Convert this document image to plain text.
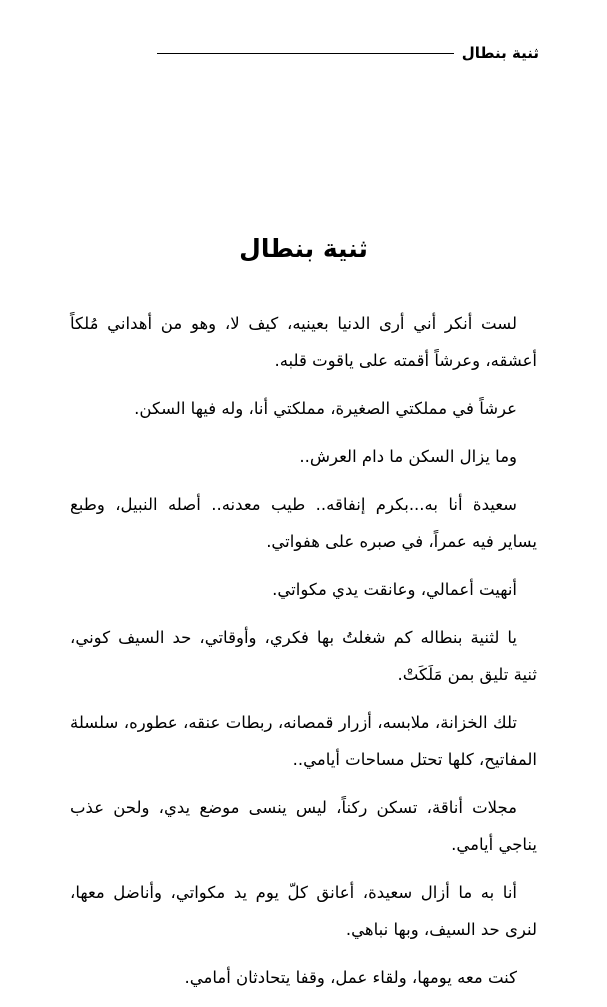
ثنية بنطال
ثنية بنطال

لست أنكر أني أرى الدنيا بعينيه، كيف لا، وهو من أهداني مُلكاً أعشقه، وعرشاً أقمته على ياقوت قلبه.

عرشاً في مملكتي الصغيرة، مملكتي أنا، وله فيها السكن.

وما يزال السكن ما دام العرش..

سعيدة أنا به...بكرم إنفاقه.. طيب معدنه.. أصله النبيل، وطبع يساير فيه عمراً، في صبره على هفواتي.

أنهيت أعمالي، وعانقت يدي مكواتي.

يا لثنية بنطاله كم شغلتُ بها فكري، وأوقاتي، حد السيف كوني، ثنية تليق بمن مَلَكَتْ.

تلك الخزانة، ملابسه، أزرار قمصانه، ربطات عنقه، عطوره، سلسلة المفاتيح، كلها تحتل مساحات أيامي..

مجلات أناقة، تسكن ركناً، ليس ينسى موضع يدي، ولحن عذب يناجي أيامي.

أنا به ما أزال سعيدة، أعانق كلّ يوم يد مكواتي، وأناضل معها، لنرى حد السيف، وبها نباهي.

كنت معه يومها، ولقاء عمل، وقفا يتحادثان أمامي.
